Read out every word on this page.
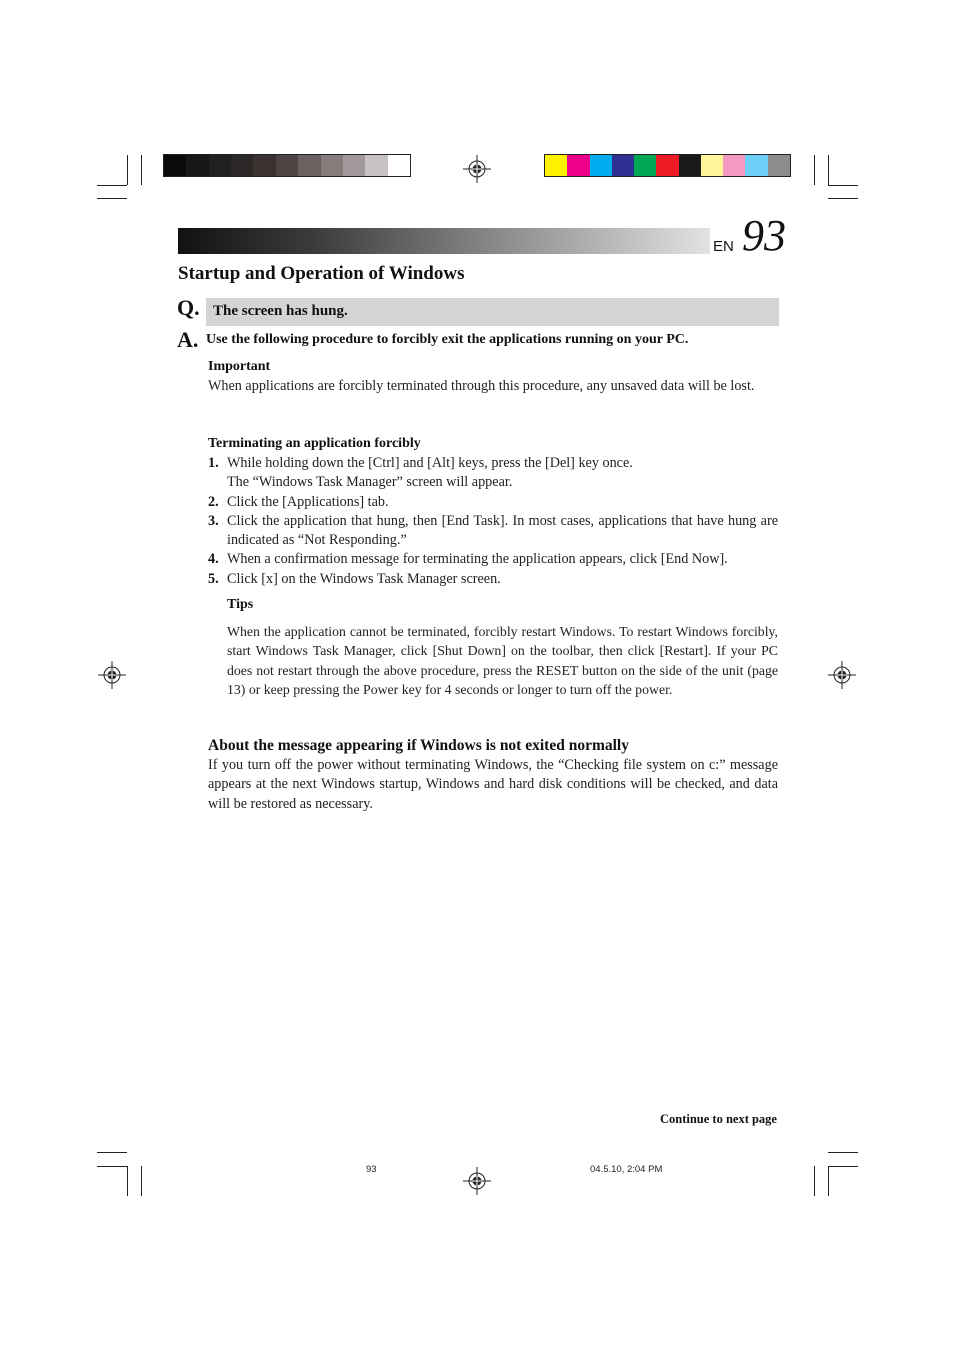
EN 93
Startup and Operation of Windows
Q. The screen has hung.
A. Use the following procedure to forcibly exit the applications running on your PC.
Important
When applications are forcibly terminated through this procedure, any unsaved data will be lost.
Terminating an application forcibly
1. While holding down the [Ctrl] and [Alt] keys, press the [Del] key once.
The “Windows Task Manager” screen will appear.
2. Click the [Applications] tab.
3. Click the application that hung, then [End Task]. In most cases, applications that have hung are indicated as “Not Responding.”
4. When a confirmation message for terminating the application appears, click [End Now].
5. Click [x] on the Windows Task Manager screen.
Tips
When the application cannot be terminated, forcibly restart Windows. To restart Windows forcibly, start Windows Task Manager, click [Shut Down] on the toolbar, then click [Restart]. If your PC does not restart through the above procedure, press the RESET button on the side of the unit (page 13) or keep pressing the Power key for 4 seconds or longer to turn off the power.
About the message appearing if Windows is not exited normally
If you turn off the power without terminating Windows, the “Checking file system on c:” message appears at the next Windows startup, Windows and hard disk conditions will be checked, and data will be restored as necessary.
Continue to next page
93	04.5.10, 2:04 PM
